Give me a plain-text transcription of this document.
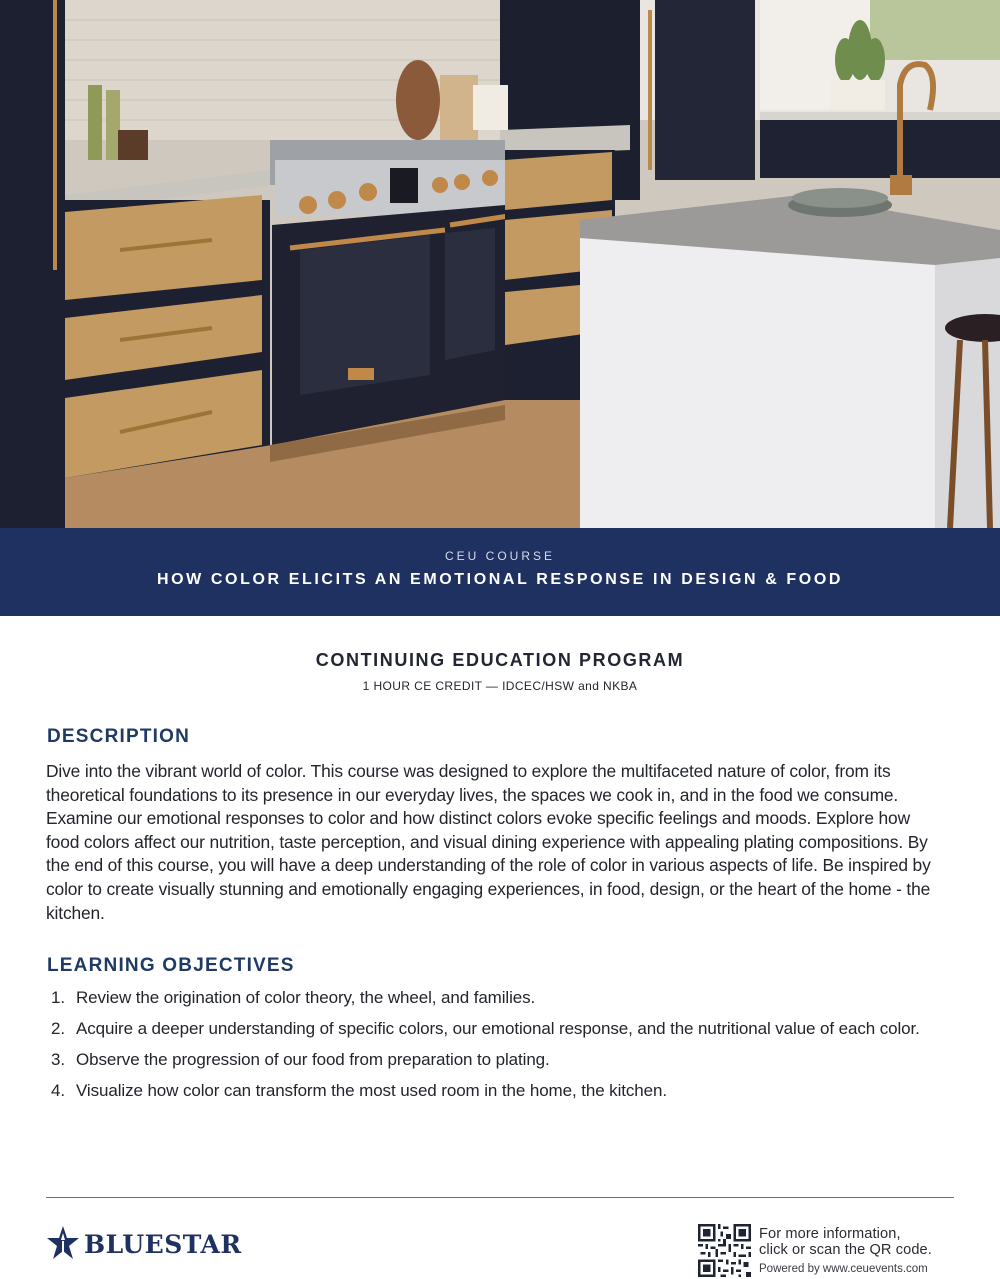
CEU COURSE
HOW COLOR ELICITS AN EMOTIONAL RESPONSE IN DESIGN & FOOD
CONTINUING EDUCATION PROGRAM
1 HOUR CE CREDIT — IDCEC/HSW and NKBA
DESCRIPTION

Dive into the vibrant world of color. This course was designed to explore the multifaceted nature of color, from its theoretical foundations to its presence in our everyday lives, the spaces we cook in, and in the food we consume. Examine our emotional responses to color and how distinct colors evoke specific feelings and moods. Explore how food colors affect our nutrition, taste perception, and visual dining experience with appealing plating compositions. By the end of this course, you will have a deep understanding of the role of color in various aspects of life. Be inspired by color to create visually stunning and emotionally engaging experiences, in food, design, or the heart of the home - the kitchen.

LEARNING OBJECTIVES
1. Review the origination of color theory, the wheel, and families.
2. Acquire a deeper understanding of specific colors, our emotional response, and the nutritional value of each color.
3. Observe the progression of our food from preparation to plating.
4. Visualize how color can transform the most used room in the home, the kitchen.
BLUESTAR	For more information,
click or scan the QR code.
Powered by www.ceuevents.com
